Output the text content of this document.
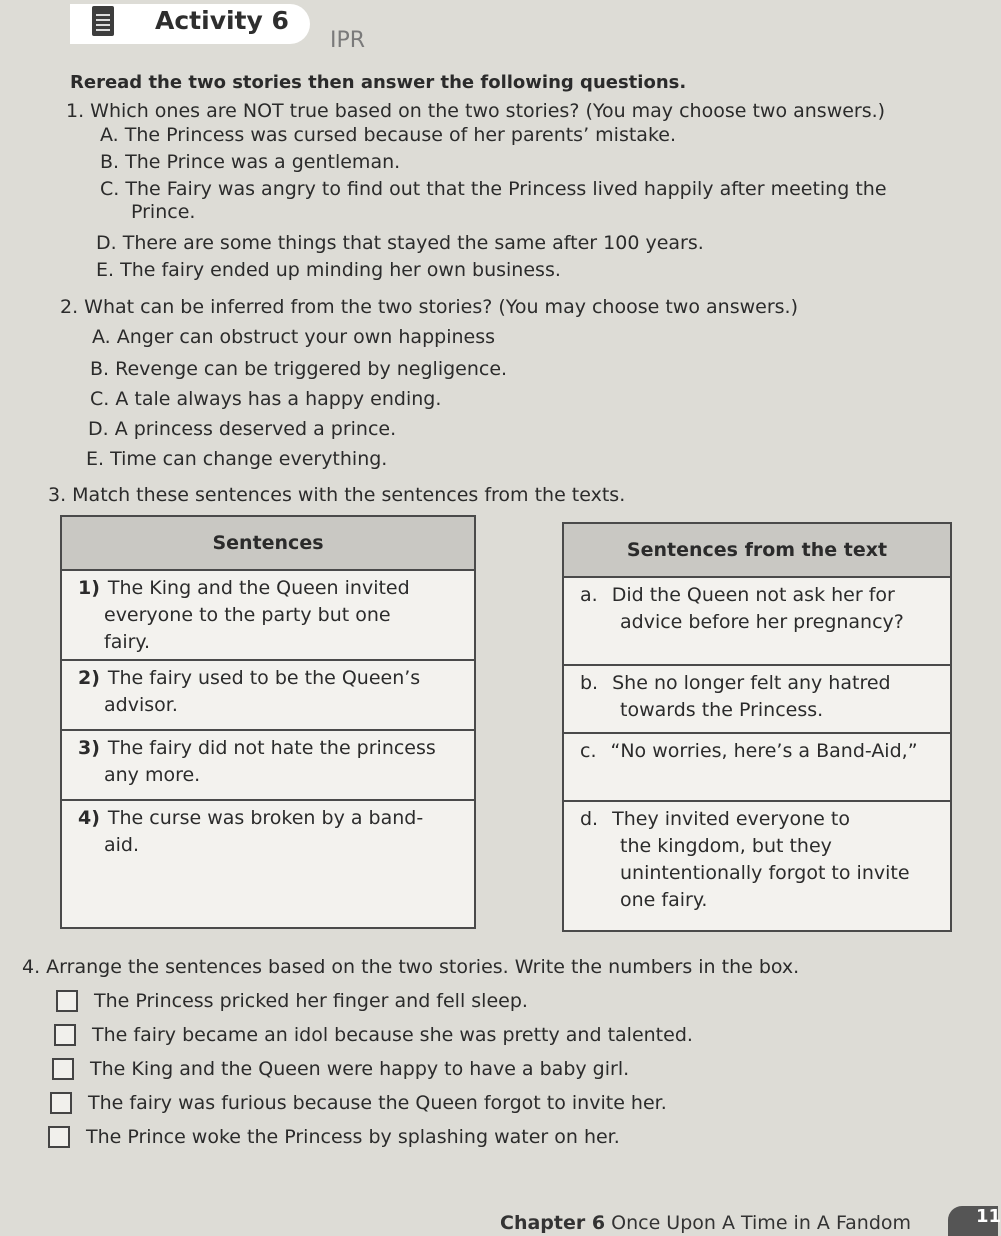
Activity 6
IPR
Reread the two stories then answer the following questions.
1. Which ones are NOT true based on the two stories? (You may choose two answers.)
A. The Princess was cursed because of her parents’ mistake.
B. The Prince was a gentleman.
C. The Fairy was angry to find out that the Princess lived happily after meeting the
Prince.
D. There are some things that stayed the same after 100 years.
E. The fairy ended up minding her own business.
2. What can be inferred from the two stories? (You may choose two answers.)
A. Anger can obstruct your own happiness
B. Revenge can be triggered by negligence.
C. A tale always has a happy ending.
D. A princess deserved a prince.
E. Time can change everything.
3. Match these sentences with the sentences from the texts.
Sentences
1) The King and the Queen invited
everyone to the party but one
fairy.
2) The fairy used to be the Queen’s
advisor.
3) The fairy did not hate the princess
any more.
4) The curse was broken by a band-
aid.
Sentences from the text
a. Did the Queen not ask her for
advice before her pregnancy?
b. She no longer felt any hatred
towards the Princess.
c. “No worries, here’s a Band-Aid,”
d. They invited everyone to
the kingdom, but they
unintentionally forgot to invite
one fairy.
4. Arrange the sentences based on the two stories. Write the numbers in the box.
The Princess pricked her finger and fell sleep.
The fairy became an idol because she was pretty and talented.
The King and the Queen were happy to have a baby girl.
The fairy was furious because the Queen forgot to invite her.
The Prince woke the Princess by splashing water on her.
Chapter 6 Once Upon A Time in A Fandom	11
